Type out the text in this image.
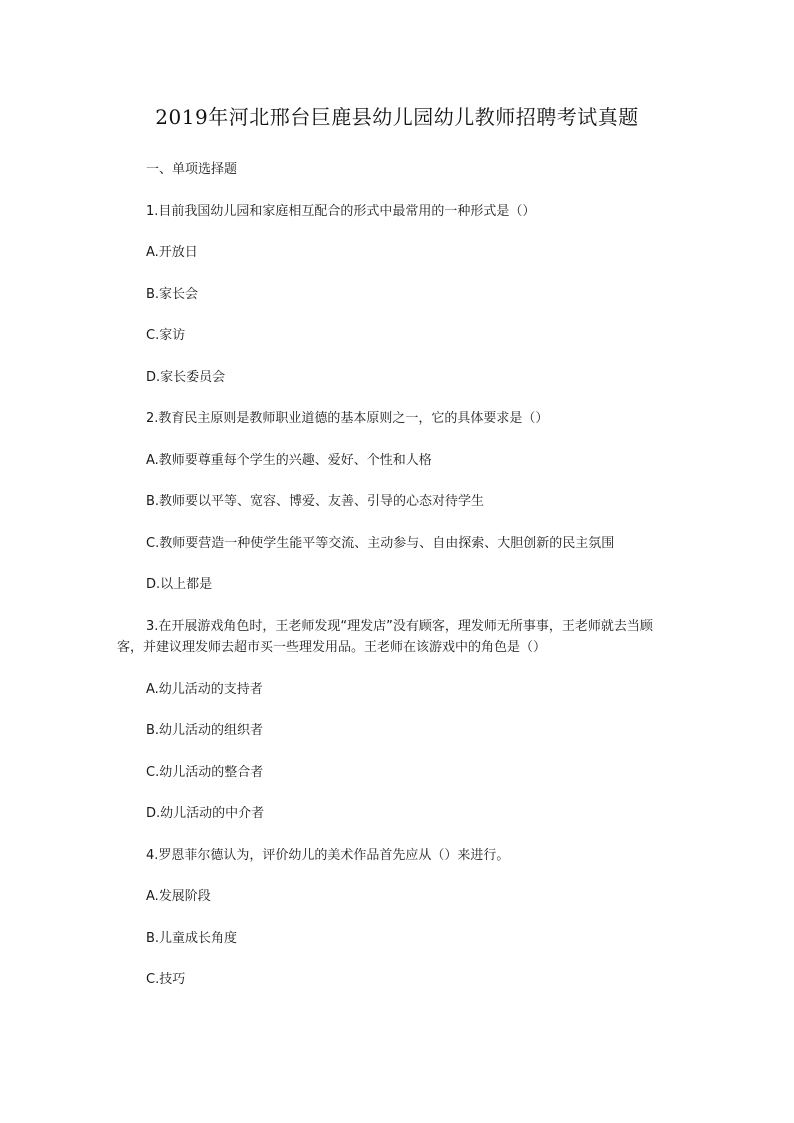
2019年河北邢台巨鹿县幼儿园幼儿教师招聘考试真题
一、单项选择题
1.目前我国幼儿园和家庭相互配合的形式中最常用的一种形式是（）
A.开放日
B.家长会
C.家访
D.家长委员会
2.教育民主原则是教师职业道德的基本原则之一，它的具体要求是（）
A.教师要尊重每个学生的兴趣、爱好、个性和人格
B.教师要以平等、宽容、博爱、友善、引导的心态对待学生
C.教师要营造一种使学生能平等交流、主动参与、自由探索、大胆创新的民主氛围
D.以上都是
3.在开展游戏角色时，王老师发现“理发店”没有顾客，理发师无所事事，王老师就去当顾客，并建议理发师去超市买一些理发用品。王老师在该游戏中的角色是（）
A.幼儿活动的支持者
B.幼儿活动的组织者
C.幼儿活动的整合者
D.幼儿活动的中介者
4.罗恩菲尔德认为，评价幼儿的美术作品首先应从（）来进行。
A.发展阶段
B.儿童成长角度
C.技巧
